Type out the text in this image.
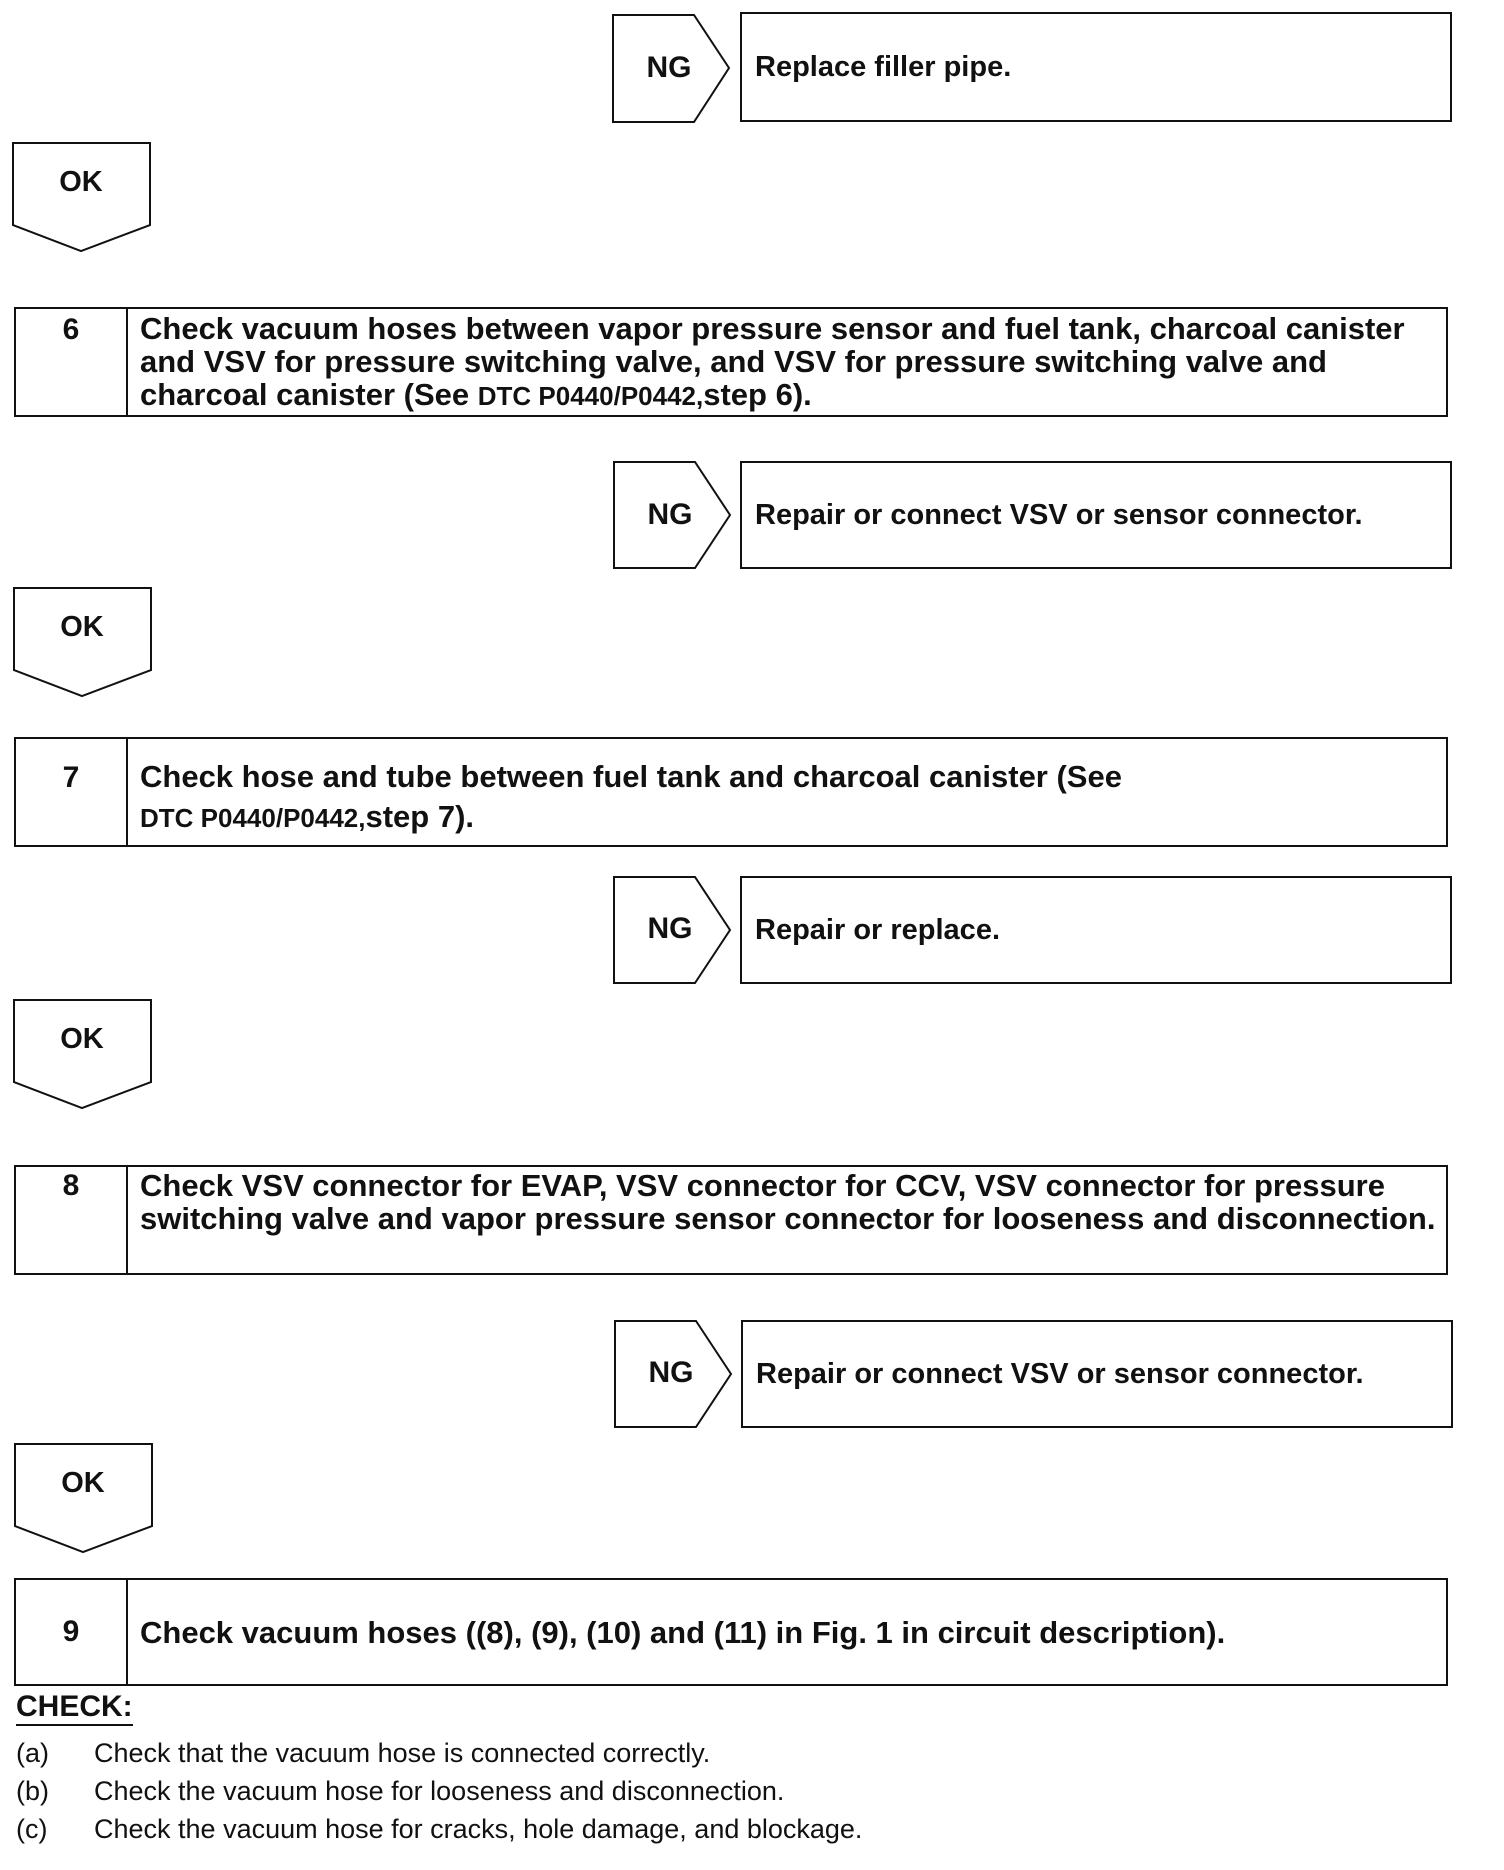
NG	Replace filler pipe.
OK
6	Check vacuum hoses between vapor pressure sensor and fuel tank, charcoal canister and VSV for pressure switching valve, and VSV for pressure switching valve and charcoal canister (See DTC P0440/P0442,step 6).
NG	Repair or connect VSV or sensor connector.
OK
7	Check hose and tube between fuel tank and charcoal canister (See
DTC P0440/P0442,step 7).
NG	Repair or replace.
OK
8	Check VSV connector for EVAP, VSV connector for CCV, VSV connector for pressure switching valve and vapor pressure sensor connector for looseness and disconnection.
NG	Repair or connect VSV or sensor connector.
OK
9	Check vacuum hoses ((8), (9), (10) and (11) in Fig. 1 in circuit description).
CHECK:
(a) Check that the vacuum hose is connected correctly.
(b) Check the vacuum hose for looseness and disconnection.
(c) Check the vacuum hose for cracks, hole damage, and blockage.
